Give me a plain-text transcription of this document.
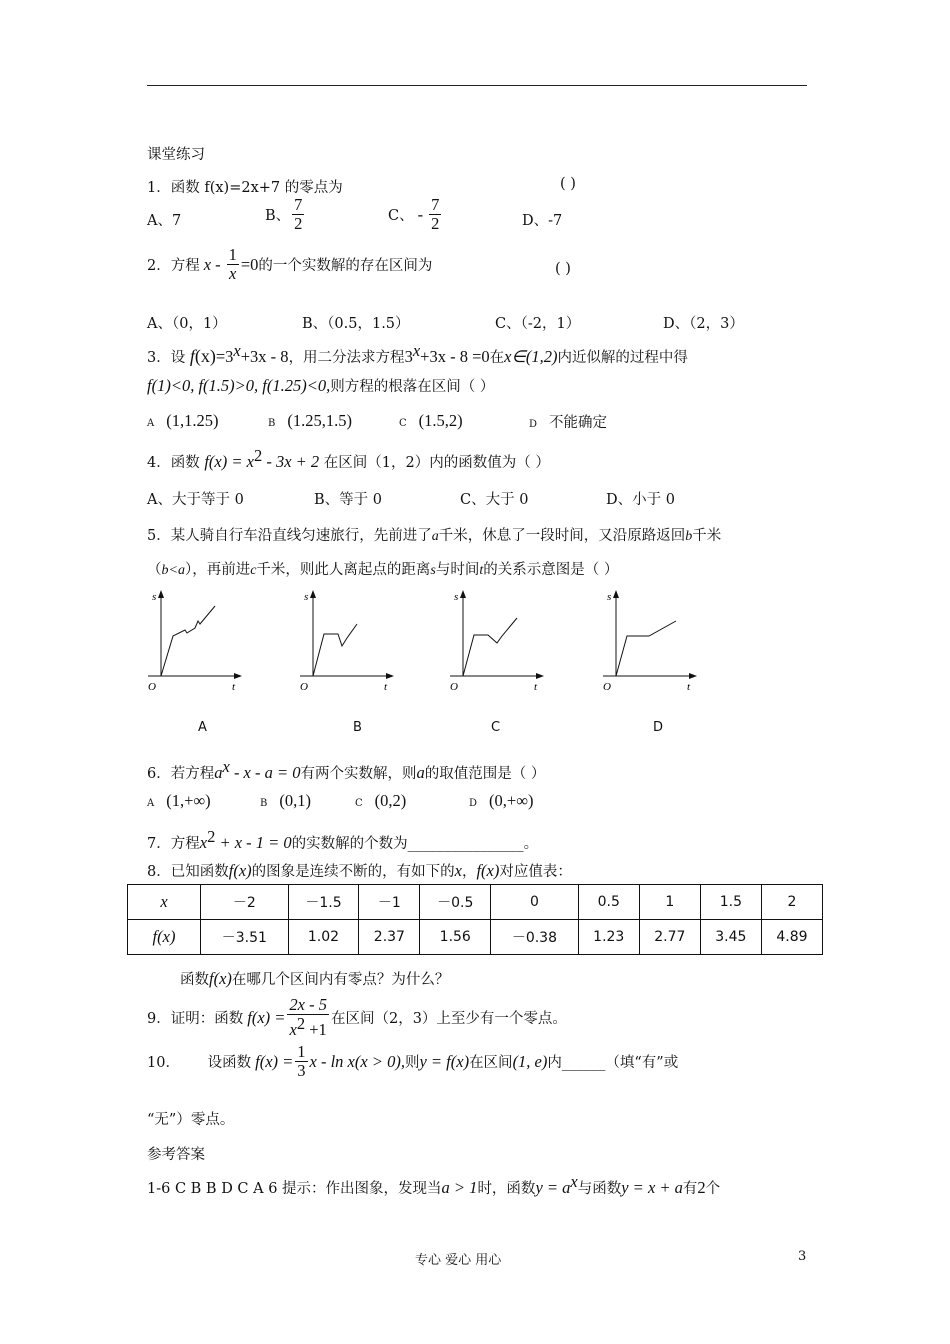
课堂练习
1．函数 f(x)=2x+7 的零点为	( )
A、7	B、 $\frac{7}{2}$	C、 - $\frac{7}{2}$	D、-7
2．方程 $x - \frac{1}{x} =0$ 的一个实数解的存在区间为	( )
A、（0，1）	B、（0.5，1.5）	C、（-2，1）	D、（2，3）
3．设 $f(x)=3^x+3x - 8$，用二分法求方程$3^x+3x - 8 =0$在x∈(1,2)内近似解的过程中得
f(1)<0, f(1.5)>0, f(1.25)<0,则方程的根落在区间（ ）
A (1,1.25)	B (1.25,1.5)	C (1.5,2)	D 不能确定
4．函数 $f(x) = x^2 - 3x + 2$ 在区间（1，2）内的函数值为（ ）
A、大于等于 0	B、等于 0	C、大于 0	D、小于 0
5．某人骑自行车沿直线匀速旅行，先前进了a千米，休息了一段时间，又沿原路返回b千米
（b<a），再前进c千米，则此人离起点的距离s与时间t的关系示意图是（ ）
s
t
O
s
t
O
s
t
O
s
t
O
A	B	C	D
6．若方程$a^x - x - a = 0$有两个实数解，则a的取值范围是（ ）
A (1,+∞)	B (0,1)	C (0,2)	D (0,+∞)
7．方程$x^2 + x - 1 = 0$的实数解的个数为________________。
8．已知函数f(x)的图象是连续不断的，有如下的x，f(x)对应值表：
x	－2	－1.5	－1	－0.5	0	0.5	1	1.5	2
f(x)	－3.51	1.02	2.37	1.56	－0.38	1.23	2.77	3.45	4.89
函数f(x)在哪几个区间内有零点？为什么？
9．证明：函数 $f(x) = \frac{2x - 5}{x^2 +1}$ 在区间（2，3）上至少有一个零点。
10．      设函数 $f(x) = \frac{1}{3}$ x - ln x(x > 0), 则 y = f(x) 在区间 (1, e) 内______（填“有”或
“无”）零点。
参考答案
1-6 C B B D C A 6 提示：作出图象，发现当a > 1时，函数$y = a^x$与函数y = x + a有2个
专心 爱心 用心	3
